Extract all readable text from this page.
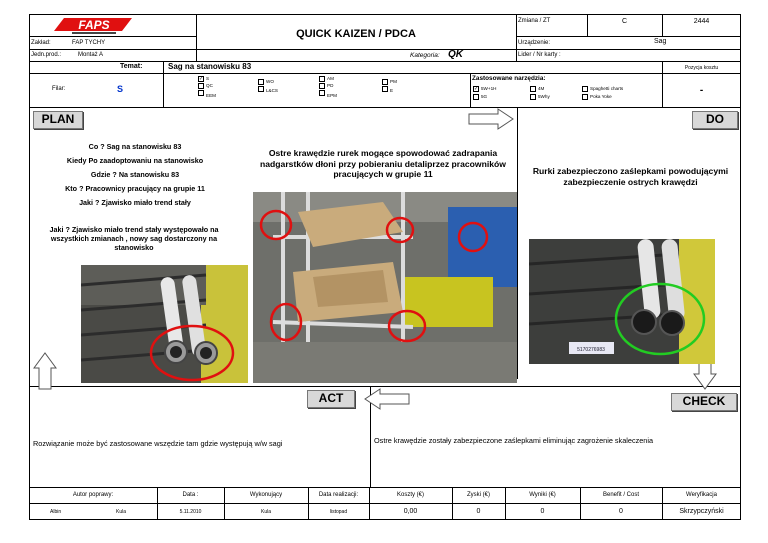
FAPS
Zakład:	FAP TYCHY
Jedn.prod.:	Montaż A
QUICK KAIZEN / PDCA
Kategoria: QK
Zmiana / ZT	C	2444
Urządzenie:	Sag
Lider / Nr karty :
Temat:	Sag na stanowisku 83	Pozycja kosztu
Filar:	S
✓ S
QC
EEM
WO
L&CS
AM
PD
EPM
PM
E
Zastosowane narzędzia:
✓ 5W+1H
5G
4M
5Why
Spaghetti charts
Poka Yoke
-
PLAN	DO
ACT	CHECK
Co ? Sag na stanowisku 83
Kiedy Po zaadoptowaniu na stanowisko
Gdzie ? Na stanowisku 83
Kto ? Pracownicy pracujący na grupie 11
Jaki ? Zjawisko miało trend stały
Jaki ? Zjawisko miało trend stały występowało na wszystkich zmianach , nowy sag dostarczony na stanowisko
Ostre krawędzie rurek mogące spowodować zadrapania nadgarstków dłoni przy pobieraniu detaliprzez pracowników pracujących w grupie 11	Rurki zabezpieczono zaślepkami powodującymi zabezpieczenie ostrych krawędzi
5170276983
Rozwiązanie może być zastosowane wszędzie tam gdzie występują w/w sagi	Ostre krawędzie zostały zabezpieczone zaślepkami eliminując zagrożenie skaleczenia
Autor poprawy:	Data :	Wykonujący	Data realizacji:	Koszty (€)	Zyski (€)	Wyniki (€)	Benefit / Cost	Weryfikacja
Albin	Kula	5.11.2010	Kula	listopad	0,00	0	0	0	Skrzypczyński
